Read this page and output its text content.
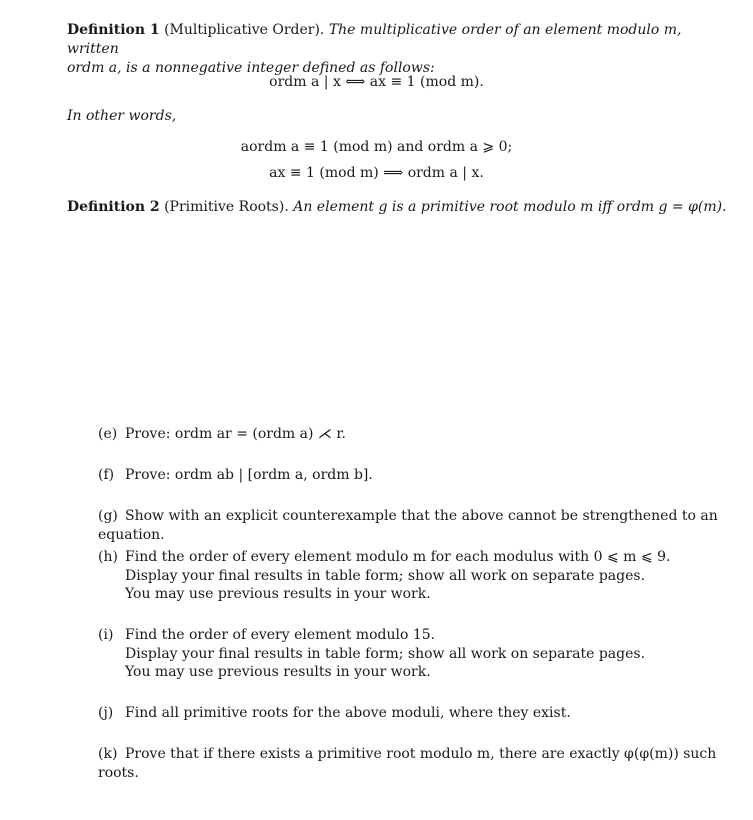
Definition 1 (Multiplicative Order). The multiplicative order of an element modulo m, written
ordm a, is a nonnegative integer defined as follows:
ordm a | x ⟺ ax ≡ 1 (mod m).
In other words,
aordm a ≡ 1 (mod m) and ordm a ⩾ 0;
ax ≡ 1 (mod m) ⟹ ordm a | x.
Definition 2 (Primitive Roots). An element g is a primitive root modulo m iff ordm g = φ(m).
(e) Prove: ordm ar = (ordm a) ⋌ r.
(f) Prove: ordm ab | [ordm a, ordm b].
(g) Show with an explicit counterexample that the above cannot be strengthened to an equation.
(h) Find the order of every element modulo m for each modulus with 0 ⩽ m ⩽ 9.
Display your final results in table form; show all work on separate pages.
You may use previous results in your work.
(i) Find the order of every element modulo 15.
Display your final results in table form; show all work on separate pages.
You may use previous results in your work.
(j) Find all primitive roots for the above moduli, where they exist.
(k) Prove that if there exists a primitive root modulo m, there are exactly φ(φ(m)) such roots.
